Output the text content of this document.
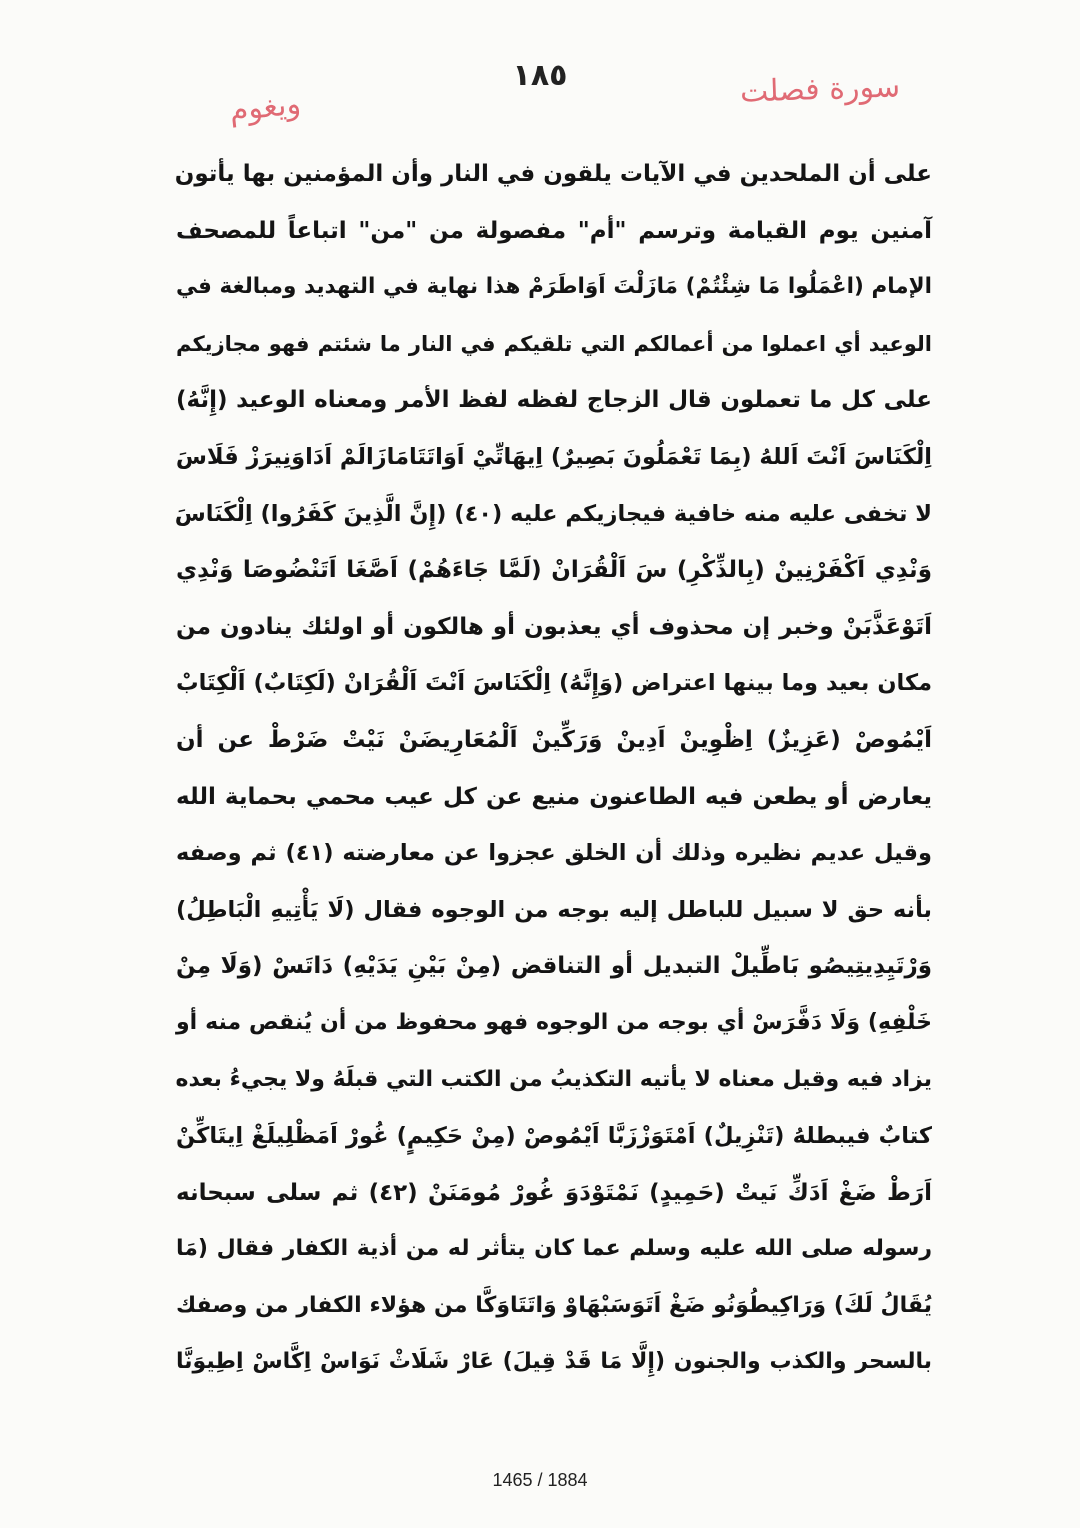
١٨٥	سورة فصلت
ويغوم
على أن الملحدين في الآيات يلقون في النار وأن المؤمنين بها يأتون
آمنين يوم القيامة وترسم "أم" مفصولة من "من" اتباعاً للمصحف
الإمام (اعْمَلُوا مَا شِئْتُمْ) مَازَلْتَ اَوَاطَرَمْ هذا نهاية في التهديد ومبالغة في
الوعيد أي اعملوا من أعمالكم التي تلقيكم في النار ما شئتم فهو مجازيكم
على كل ما تعملون قال الزجاج لفظه لفظ الأمر ومعناه الوعيد (إِنَّهُ)
اِلْكَنَاسَ اَنْتَ اَللهُ (بِمَا تَعْمَلُونَ بَصِيرٌ) اِيهَاتِّيْ اَوَاتَتَامَازَالَمْ اَدَاوَنِيرَزْ فَلَاسَ
لا تخفى عليه منه خافية فيجازيكم عليه (٤٠) (إِنَّ الَّذِينَ كَفَرُوا) اِلْكَنَاسَ
وَنْدِي اَكْفَرْنِينْ (بِالذِّكْرِ) سَ اَلْقُرَانْ (لَمَّا جَاءَهُمْ) اَصَّغَا اَتَنْضُوصَا وَنْدِي
اَتَوْعَذَّبَنْ وخبر إن محذوف أي يعذبون أو هالكون أو اولئك ينادون من
مكان بعيد وما بينها اعتراض (وَإِنَّهُ) اِلْكَنَاسَ اَنْتَ اَلْقُرَانْ (لَكِتَابٌ) اَلْكِتَابْ
اَيْمُوصْ (عَزِيزٌ) اِظْوِينْ اَدِينْ وَرَكِّينْ اَلْمُعَارِيضَنْ نَيْتْ ضَرْطْ عن أن
يعارض أو يطعن فيه الطاعنون منيع عن كل عيب محمي بحماية الله
وقيل عديم نظيره وذلك أن الخلق عجزوا عن معارضته (٤١) ثم وصفه
بأنه حق لا سبيل للباطل إليه بوجه من الوجوه فقال (لَا يَأْتِيهِ الْبَاطِلُ)
وَرْتَيِدِيتِيصُو بَاطِّيلْ التبديل أو التناقض (مِنْ بَيْنِ يَدَيْهِ) دَاتَسْ (وَلَا مِنْ
خَلْفِهِ) وَلَا دَفَّرَسْ أي بوجه من الوجوه فهو محفوظ من أن يُنقص منه أو
يزاد فيه وقيل معناه لا يأتيه التكذيبُ من الكتب التي قبلَهُ ولا يجيءُ بعده
كتابٌ فيبطلهُ (تَنْزِيلٌ) اَمْتَوَزْزَبَّا اَيْمُوصْ (مِنْ حَكِيمٍ) غُورْ اَمَظْلِيلَغْ اِيتَاكِّنْ
اَرَطْ ضَغْ اَدَكِّ نَيتْ (حَمِيدٍ) نَمْتَوْدَوَ غُورْ مُومَنَنْ (٤٢) ثم سلى سبحانه
رسوله صلى الله عليه وسلم عما كان يتأثر له من أذية الكفار فقال (مَا
يُقَالُ لَكَ) وَرَاكِيطُوَنُو ضَغْ اَتَوَسَبْهَاوْ وَاتَتَاوَكَّا من هؤلاء الكفار من وصفك
بالسحر والكذب والجنون (إِلَّا مَا قَدْ قِيلَ) عَارْ شَلَاثْ نَوَاسْ اِكَّاسْ اِطِيوَنَّا
1465 / 1884
